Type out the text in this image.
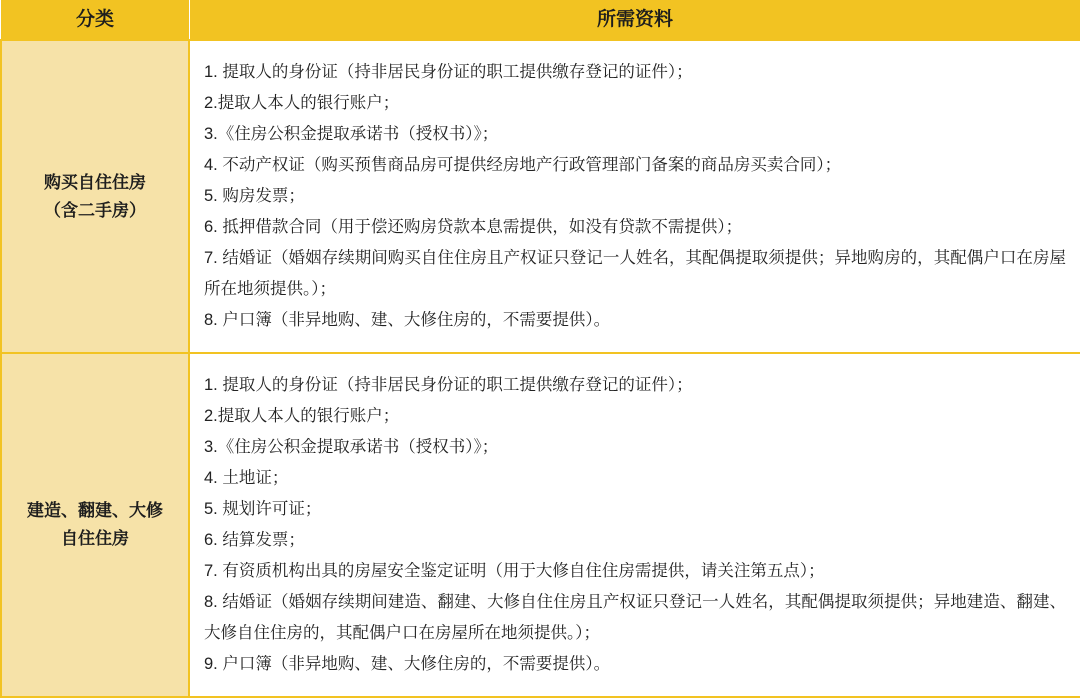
分类	所需资料

购买自住住房
（含二手房）

1. 提取人的身份证（持非居民身份证的职工提供缴存登记的证件）；
2.提取人本人的银行账户；
3.《住房公积金提取承诺书（授权书）》；
4. 不动产权证（购买预售商品房可提供经房地产行政管理部门备案的商品房买卖合同）；
5. 购房发票；
6. 抵押借款合同（用于偿还购房贷款本息需提供，如没有贷款不需提供）；
7. 结婚证（婚姻存续期间购买自住住房且产权证只登记一人姓名，其配偶提取须提供；异地购房的，其配偶户口在房屋所在地须提供。）；
8. 户口簿（非异地购、建、大修住房的，不需要提供）。

建造、翻建、大修
自住住房

1. 提取人的身份证（持非居民身份证的职工提供缴存登记的证件）；
2.提取人本人的银行账户；
3.《住房公积金提取承诺书（授权书）》；
4. 土地证；
5. 规划许可证；
6. 结算发票；
7. 有资质机构出具的房屋安全鉴定证明（用于大修自住住房需提供，请关注第五点）；
8. 结婚证（婚姻存续期间建造、翻建、大修自住住房且产权证只登记一人姓名，其配偶提取须提供；异地建造、翻建、大修自住住房的，其配偶户口在房屋所在地须提供。）；
9. 户口簿（非异地购、建、大修住房的，不需要提供）。
